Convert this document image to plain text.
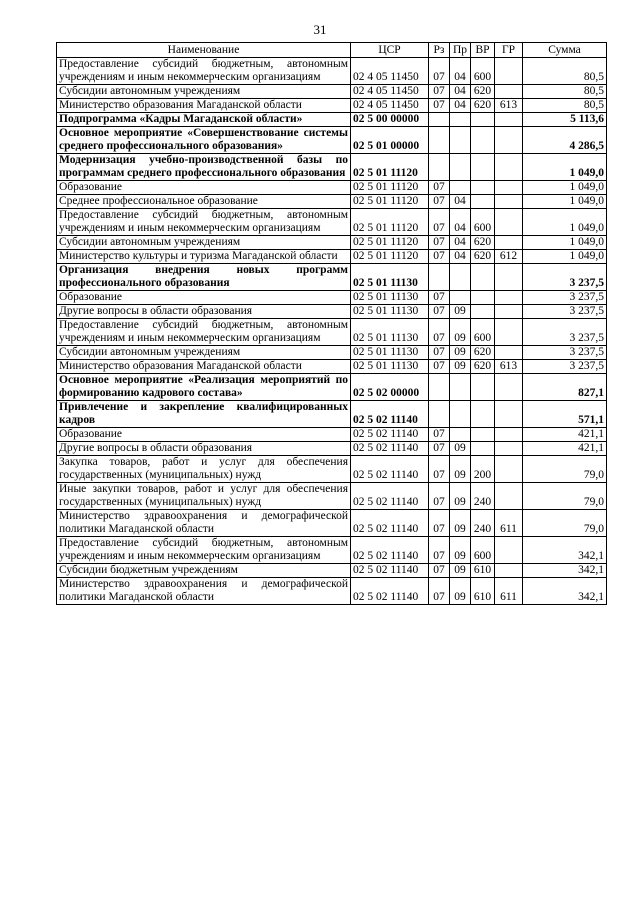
31
Наименование	ЦСР	Рз	Пр	ВР	ГР	Сумма
Предоставление субсидий бюджетным, автономным учреждениям и иным некоммерческим организациям	02 4 05 11450	07	04	600		80,5
Субсидии автономным учреждениям	02 4 05 11450	07	04	620		80,5
Министерство образования Магаданской области	02 4 05 11450	07	04	620	613	80,5
Подпрограмма «Кадры Магаданской области»	02 5 00 00000					5 113,6
Основное мероприятие «Совершенствование системы среднего профессионального образования»	02 5 01 00000					4 286,5
Модернизация учебно-производственной базы по программам среднего профессионального образования	02 5 01 11120					1 049,0
Образование	02 5 01 11120	07				1 049,0
Среднее профессиональное образование	02 5 01 11120	07	04			1 049,0
Предоставление субсидий бюджетным, автономным учреждениям и иным некоммерческим организациям	02 5 01 11120	07	04	600		1 049,0
Субсидии автономным учреждениям	02 5 01 11120	07	04	620		1 049,0
Министерство культуры и туризма Магаданской области	02 5 01 11120	07	04	620	612	1 049,0
Организация внедрения новых программ профессионального образования	02 5 01 11130					3 237,5
Образование	02 5 01 11130	07				3 237,5
Другие вопросы в области образования	02 5 01 11130	07	09			3 237,5
Предоставление субсидий бюджетным, автономным учреждениям и иным некоммерческим организациям	02 5 01 11130	07	09	600		3 237,5
Субсидии автономным учреждениям	02 5 01 11130	07	09	620		3 237,5
Министерство образования Магаданской области	02 5 01 11130	07	09	620	613	3 237,5
Основное мероприятие «Реализация мероприятий по формированию кадрового состава»	02 5 02 00000					827,1
Привлечение и закрепление квалифицированных кадров	02 5 02 11140					571,1
Образование	02 5 02 11140	07				421,1
Другие вопросы в области образования	02 5 02 11140	07	09			421,1
Закупка товаров, работ и услуг для обеспечения государственных (муниципальных) нужд	02 5 02 11140	07	09	200		79,0
Иные закупки товаров, работ и услуг для обеспечения государственных (муниципальных) нужд	02 5 02 11140	07	09	240		79,0
Министерство здравоохранения и демографической политики Магаданской области	02 5 02 11140	07	09	240	611	79,0
Предоставление субсидий бюджетным, автономным учреждениям и иным некоммерческим организациям	02 5 02 11140	07	09	600		342,1
Субсидии бюджетным учреждениям	02 5 02 11140	07	09	610		342,1
Министерство здравоохранения и демографической политики Магаданской области	02 5 02 11140	07	09	610	611	342,1
